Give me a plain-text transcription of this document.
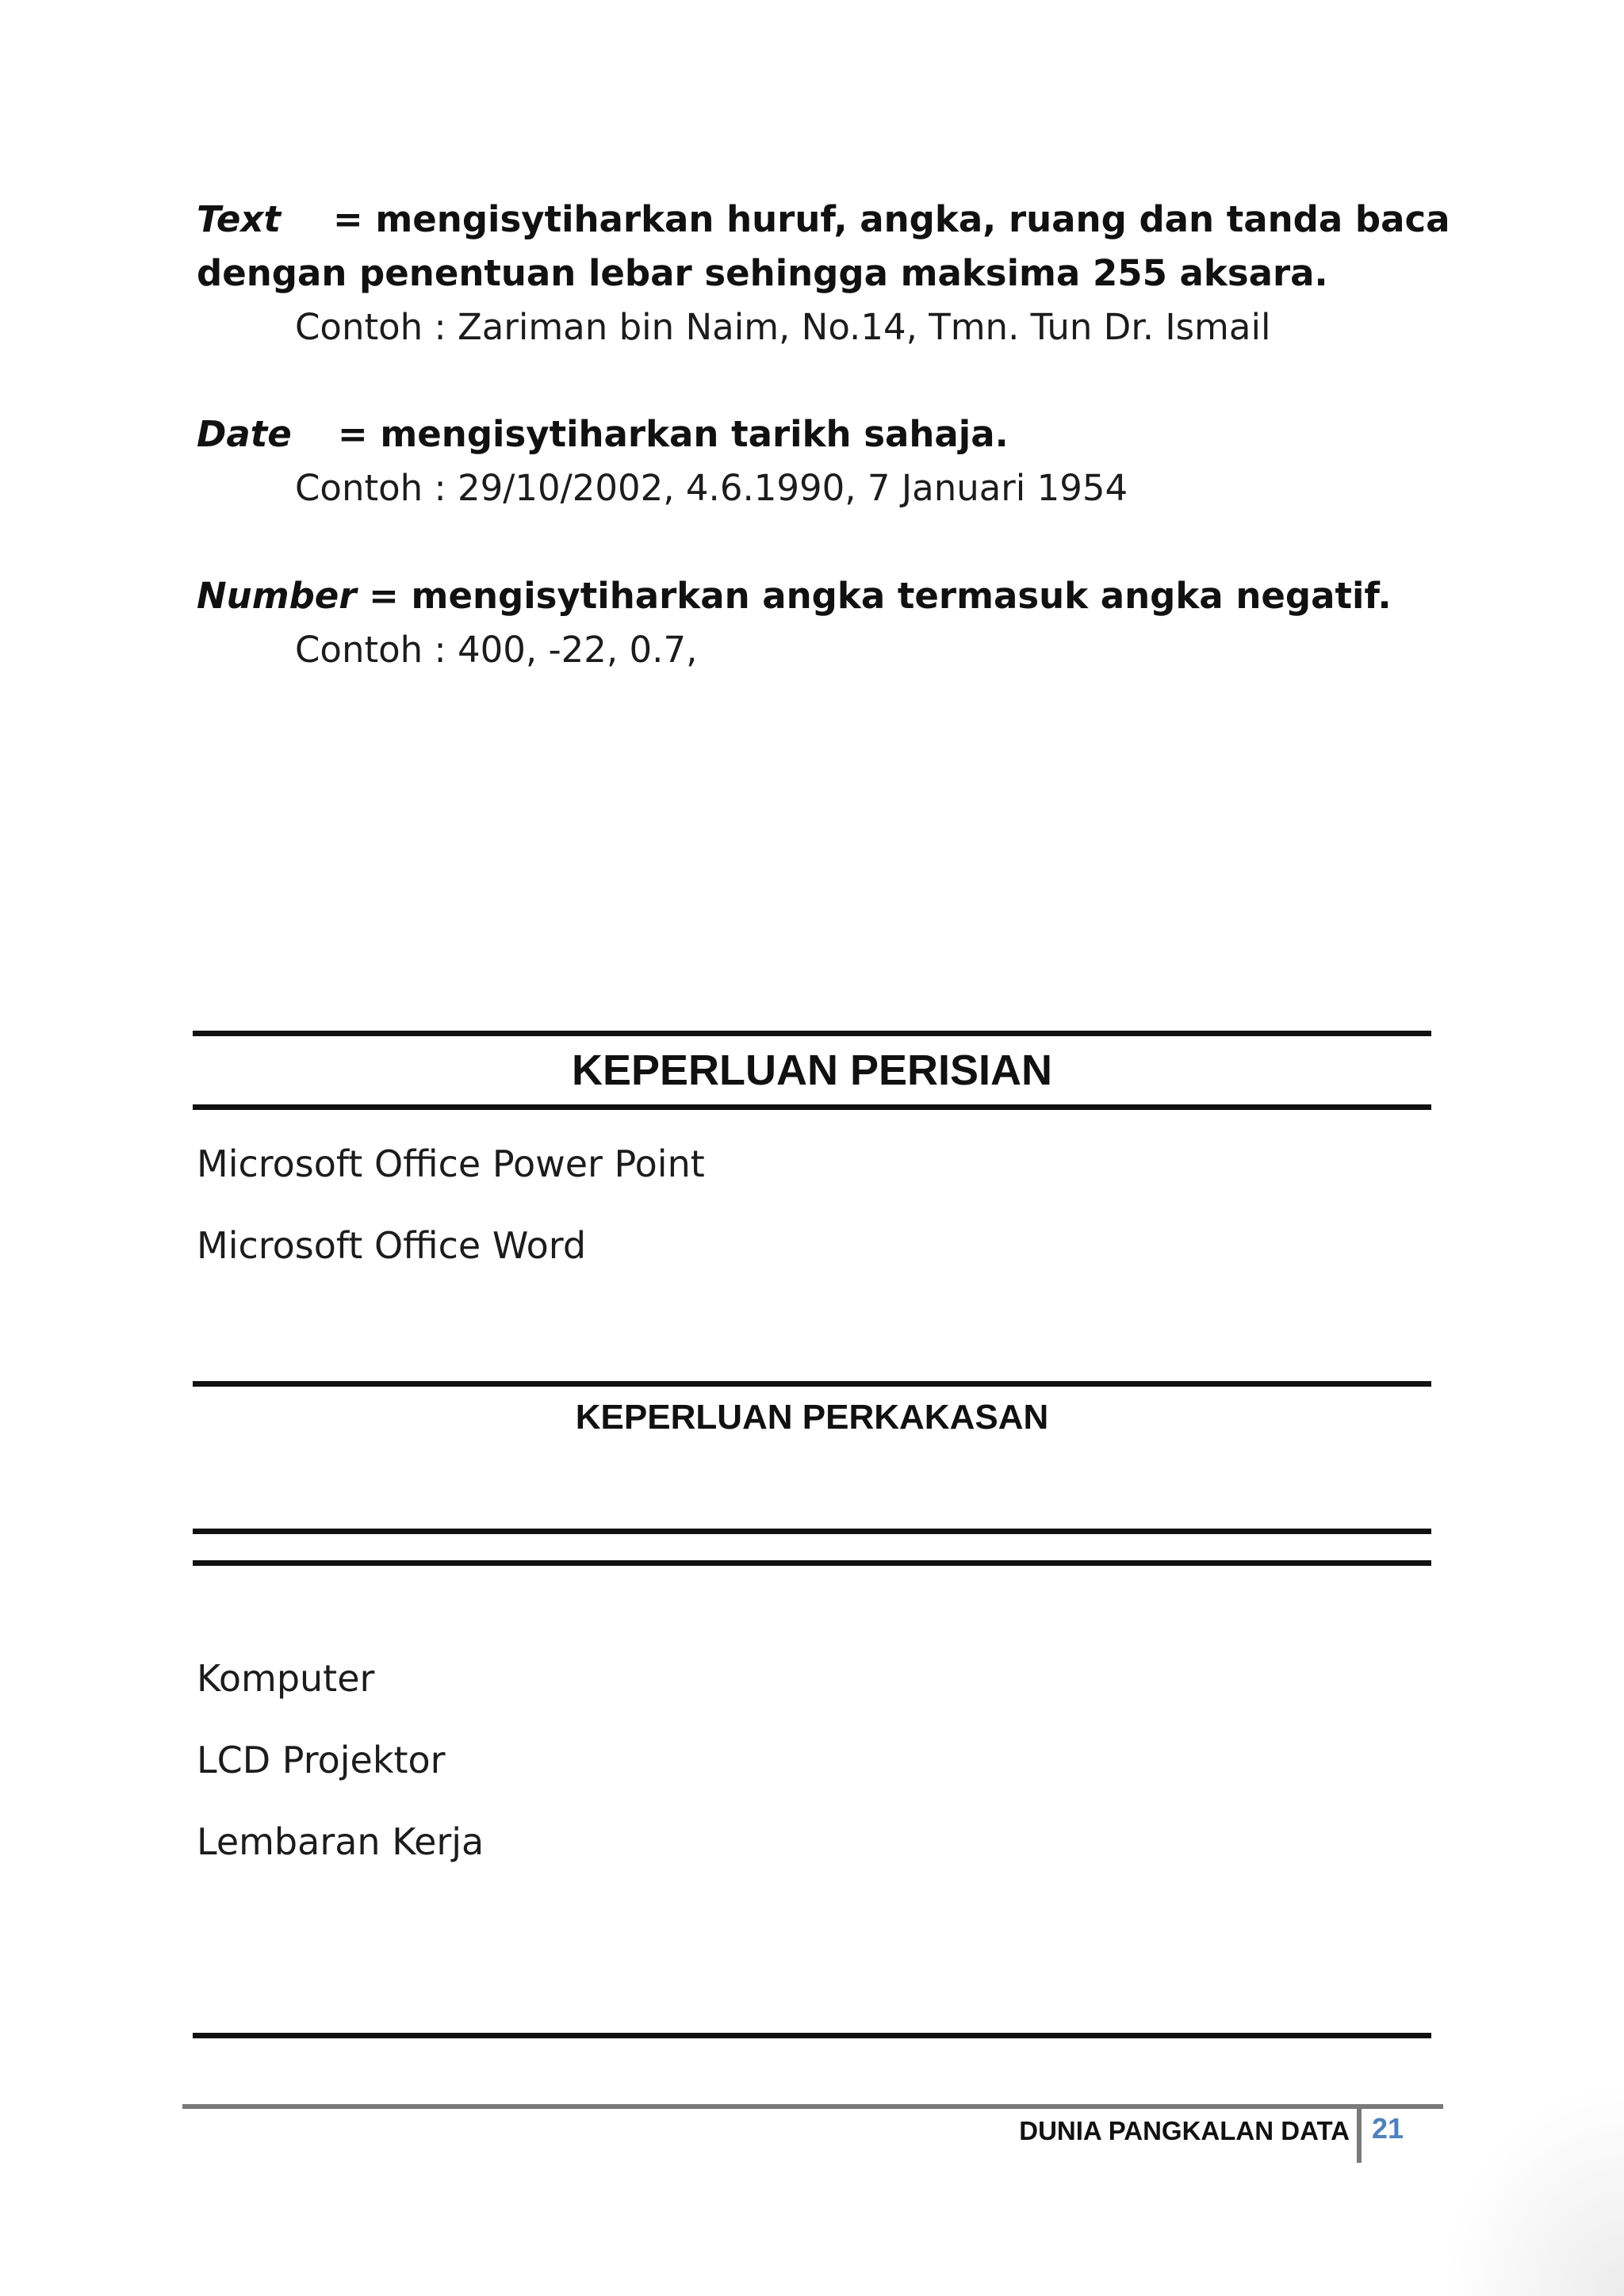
Text = mengisytiharkan huruf, angka, ruang dan tanda baca
dengan penentuan lebar sehingga maksima 255 aksara.
Contoh : Zariman bin Naim, No.14, Tmn. Tun Dr. Ismail
Date = mengisytiharkan tarikh sahaja.
Contoh : 29/10/2002, 4.6.1990, 7 Januari 1954
Number = mengisytiharkan angka termasuk angka negatif.
Contoh : 400, -22, 0.7,
KEPERLUAN PERISIAN
Microsoft Office Power Point
Microsoft Office Word
KEPERLUAN PERKAKASAN
Komputer
LCD Projektor
Lembaran Kerja
DUNIA PANGKALAN DATA 21
